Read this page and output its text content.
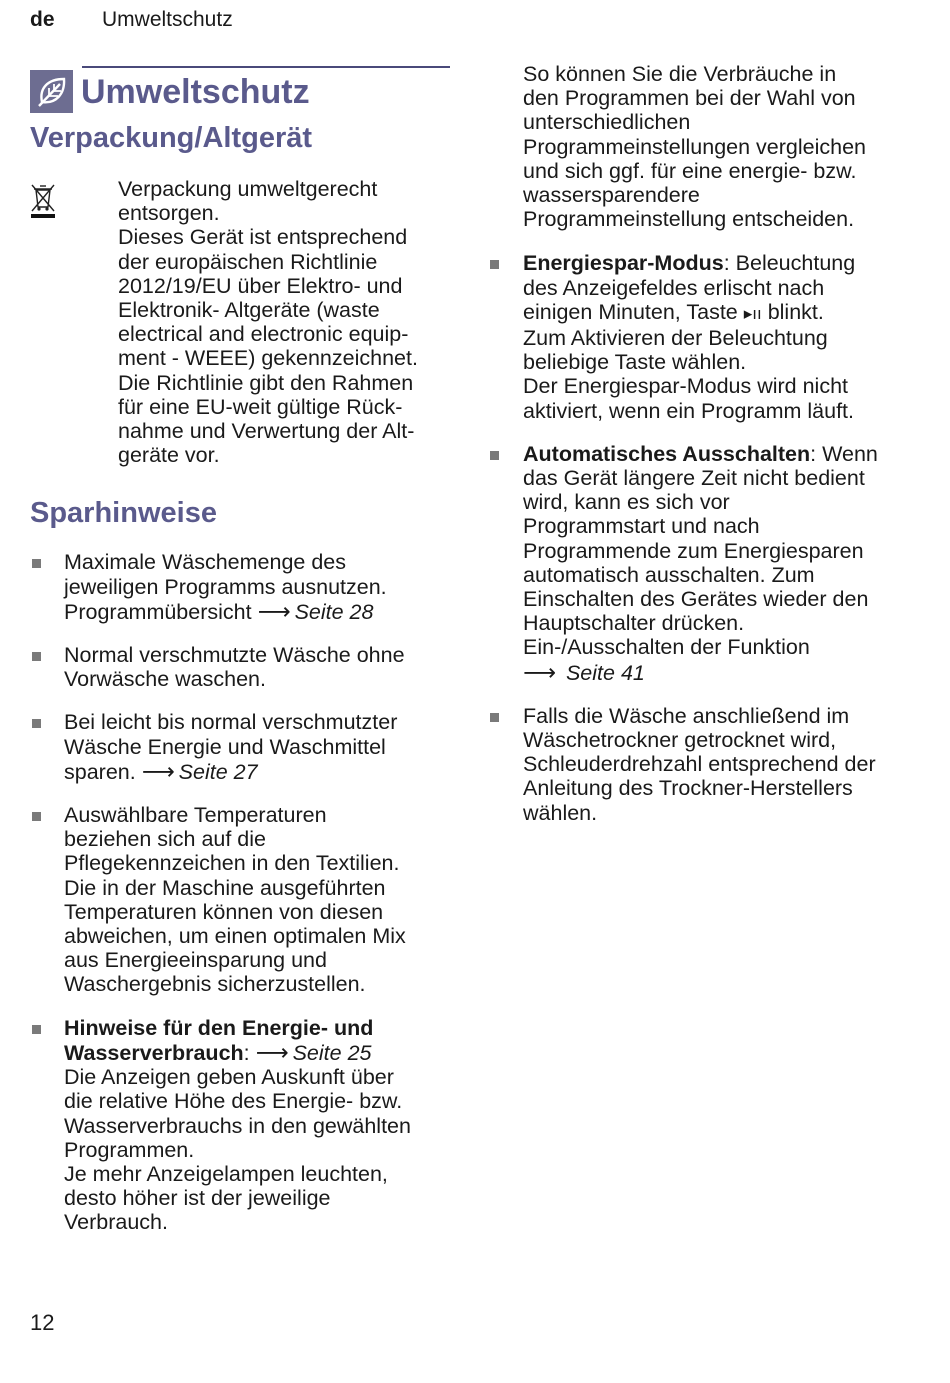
de Umweltschutz
Umweltschutz
Verpackung/Altgerät
Verpackung umweltgerecht
entsorgen.
Dieses Gerät ist entsprechend
der europäischen Richtlinie
2012/19/EU über Elektro- und
Elektronik- Altgeräte (waste
electrical and electronic equip-
ment - WEEE) gekennzeichnet.
Die Richtlinie gibt den Rahmen
für eine EU-weit gültige Rück-
nahme und Verwertung der Alt-
geräte vor.
Sparhinweise
Maximale Wäschemenge des
jeweiligen Programms ausnutzen.
Programmübersicht ⟶ Seite 28
Normal verschmutzte Wäsche ohne
Vorwäsche waschen.
Bei leicht bis normal verschmutzter
Wäsche Energie und Waschmittel
sparen. ⟶ Seite 27
Auswählbare Temperaturen
beziehen sich auf die
Pflegekennzeichen in den Textilien.
Die in der Maschine ausgeführten
Temperaturen können von diesen
abweichen, um einen optimalen Mix
aus Energieeinsparung und
Waschergebnis sicherzustellen.
Hinweise für den Energie- und
Wasserverbrauch: ⟶ Seite 25
Die Anzeigen geben Auskunft über
die relative Höhe des Energie- bzw.
Wasserverbrauchs in den gewählten
Programmen.
Je mehr Anzeigelampen leuchten,
desto höher ist der jeweilige
Verbrauch.
So können Sie die Verbräuche in
den Programmen bei der Wahl von
unterschiedlichen
Programmeinstellungen vergleichen
und sich ggf. für eine energie- bzw.
wassersparendere
Programmeinstellung entscheiden.
Energiespar-Modus: Beleuchtung
des Anzeigefeldes erlischt nach
einigen Minuten, Taste ▸ıı blinkt.
Zum Aktivieren der Beleuchtung
beliebige Taste wählen.
Der Energiespar-Modus wird nicht
aktiviert, wenn ein Programm läuft.
Automatisches Ausschalten: Wenn
das Gerät längere Zeit nicht bedient
wird, kann es sich vor
Programmstart und nach
Programmende zum Energiesparen
automatisch ausschalten. Zum
Einschalten des Gerätes wieder den
Hauptschalter drücken.
Ein-/Ausschalten der Funktion
⟶ Seite 41
Falls die Wäsche anschließend im
Wäschetrockner getrocknet wird,
Schleuderdrehzahl entsprechend der
Anleitung des Trockner-Herstellers
wählen.
12
